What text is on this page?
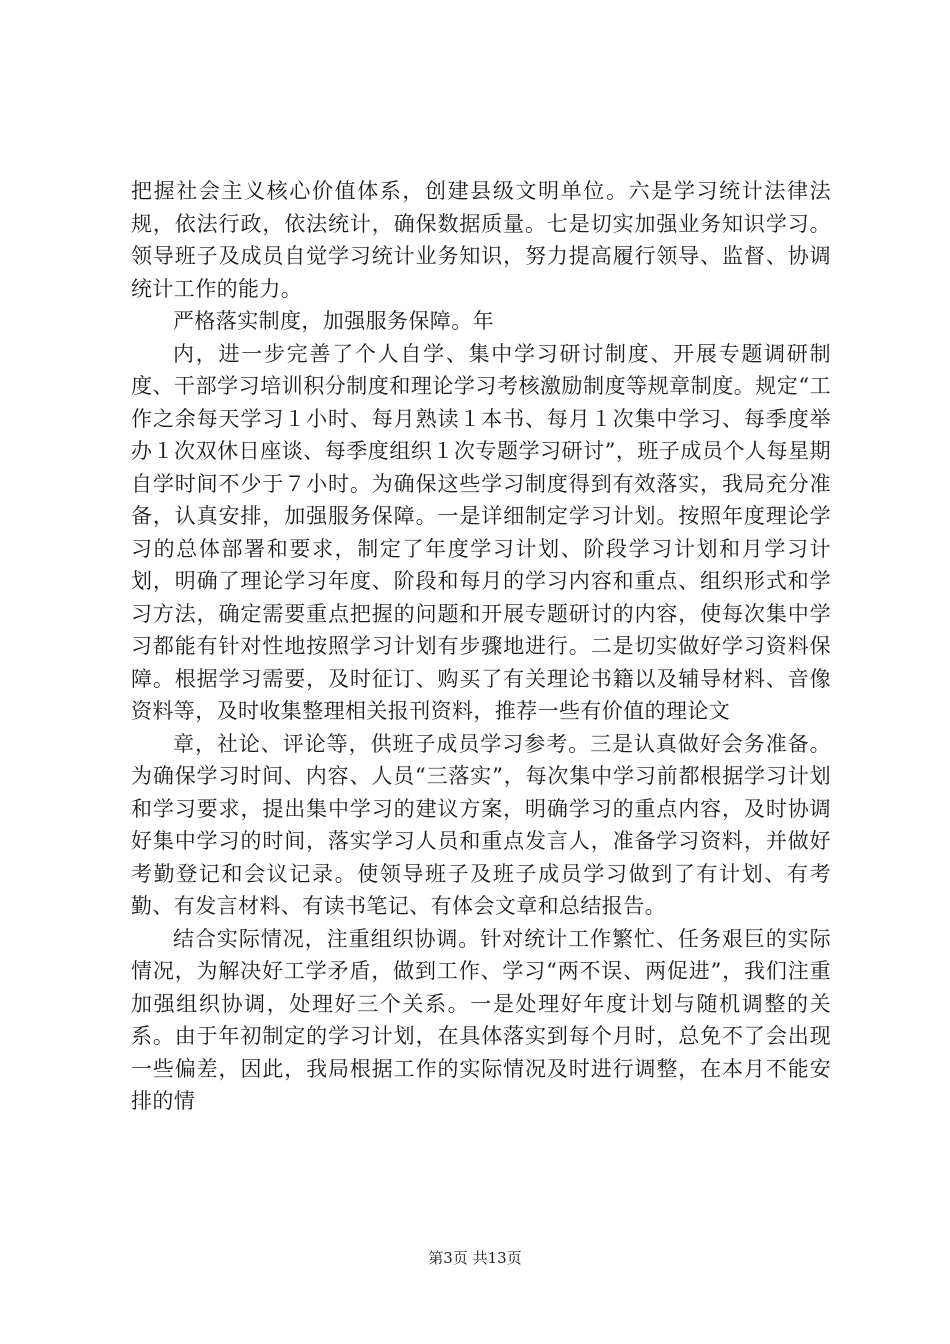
把握社会主义核心价值体系，创建县级文明单位。六是学习统计法律法规，依法行政，依法统计，确保数据质量。七是切实加强业务知识学习。领导班子及成员自觉学习统计业务知识，努力提高履行领导、监督、协调统计工作的能力。

严格落实制度，加强服务保障。年

内，进一步完善了个人自学、集中学习研讨制度、开展专题调研制度、干部学习培训积分制度和理论学习考核激励制度等规章制度。规定“工作之余每天学习１小时、每月熟读１本书、每月１次集中学习、每季度举办１次双休日座谈、每季度组织１次专题学习研讨”，班子成员个人每星期自学时间不少于７小时。为确保这些学习制度得到有效落实，我局充分准备，认真安排，加强服务保障。一是详细制定学习计划。按照年度理论学习的总体部署和要求，制定了年度学习计划、阶段学习计划和月学习计划，明确了理论学习年度、阶段和每月的学习内容和重点、组织形式和学习方法，确定需要重点把握的问题和开展专题研讨的内容，使每次集中学习都能有针对性地按照学习计划有步骤地进行。二是切实做好学习资料保障。根据学习需要，及时征订、购买了有关理论书籍以及辅导材料、音像资料等，及时收集整理相关报刊资料，推荐一些有价值的理论文

章，社论、评论等，供班子成员学习参考。三是认真做好会务准备。为确保学习时间、内容、人员“三落实”，每次集中学习前都根据学习计划和学习要求，提出集中学习的建议方案，明确学习的重点内容，及时协调好集中学习的时间，落实学习人员和重点发言人，准备学习资料，并做好考勤登记和会议记录。使领导班子及班子成员学习做到了有计划、有考勤、有发言材料、有读书笔记、有体会文章和总结报告。

结合实际情况，注重组织协调。针对统计工作繁忙、任务艰巨的实际情况，为解决好工学矛盾，做到工作、学习“两不误、两促进”，我们注重加强组织协调，处理好三个关系。一是处理好年度计划与随机调整的关系。由于年初制定的学习计划，在具体落实到每个月时，总免不了会出现一些偏差，因此，我局根据工作的实际情况及时进行调整，在本月不能安排的情

第3页 共13页
